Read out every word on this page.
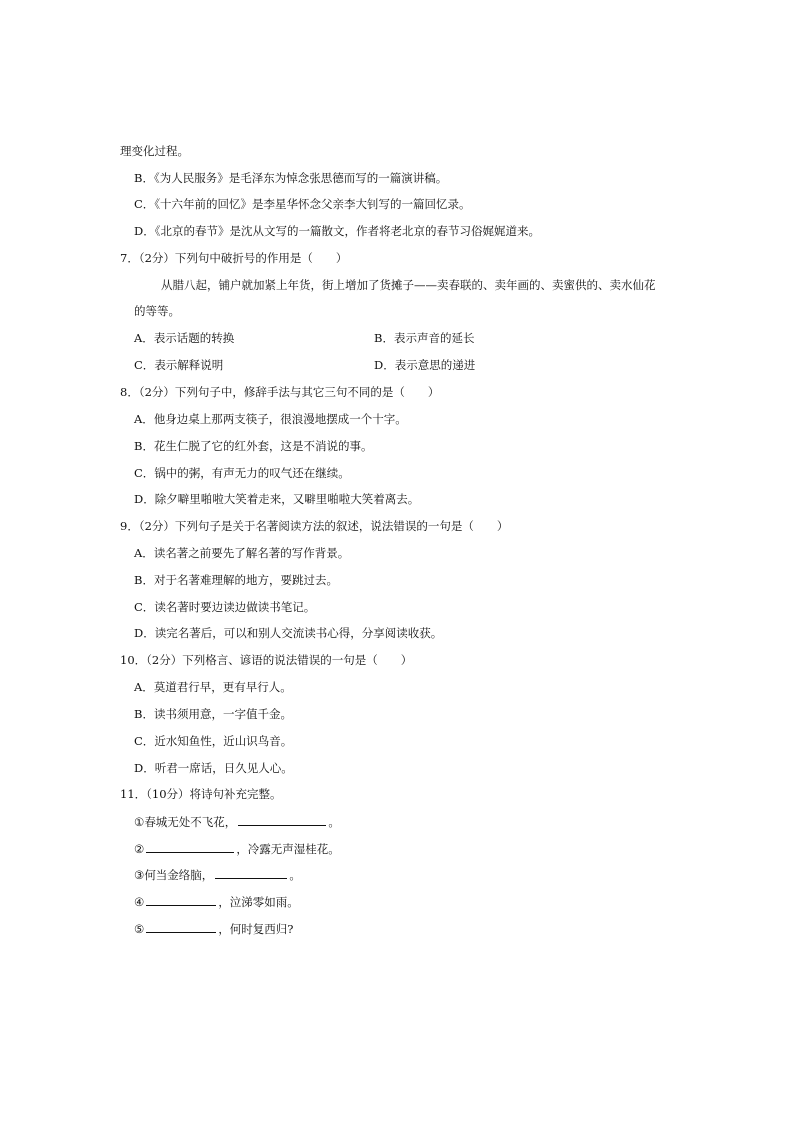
理变化过程。
B．《为人民服务》是毛泽东为悼念张思德而写的一篇演讲稿。
C．《十六年前的回忆》是李星华怀念父亲李大钊写的一篇回忆录。
D．《北京的春节》是沈从文写的一篇散文，作者将老北京的春节习俗娓娓道来。
7．（2分）下列句中破折号的作用是（　　）
从腊八起，铺户就加紧上年货，街上增加了货摊子——卖春联的、卖年画的、卖蜜供的、卖水仙花
的等等。
A．表示话题的转换	B．表示声音的延长
C．表示解释说明	D．表示意思的递进
8．（2分）下列句子中，修辞手法与其它三句不同的是（　　）
A．他身边桌上那两支筷子，很浪漫地摆成一个十字。
B．花生仁脱了它的红外套，这是不消说的事。
C．锅中的粥，有声无力的叹气还在继续。
D．除夕噼里啪啦大笑着走来，又噼里啪啦大笑着离去。
9．（2分）下列句子是关于名著阅读方法的叙述，说法错误的一句是（　　）
A．读名著之前要先了解名著的写作背景。
B．对于名著难理解的地方，要跳过去。
C．读名著时要边读边做读书笔记。
D．读完名著后，可以和别人交流读书心得，分享阅读收获。
10．（2分）下列格言、谚语的说法错误的一句是（　　）
A．莫道君行早，更有早行人。
B．读书须用意，一字值千金。
C．近水知鱼性，近山识鸟音。
D．听君一席话，日久见人心。
11．（10分）将诗句补充完整。
①春城无处不飞花，	。
②	，冷露无声湿桂花。
③何当金络脑，	。
④	，泣涕零如雨。
⑤	，何时复西归?
